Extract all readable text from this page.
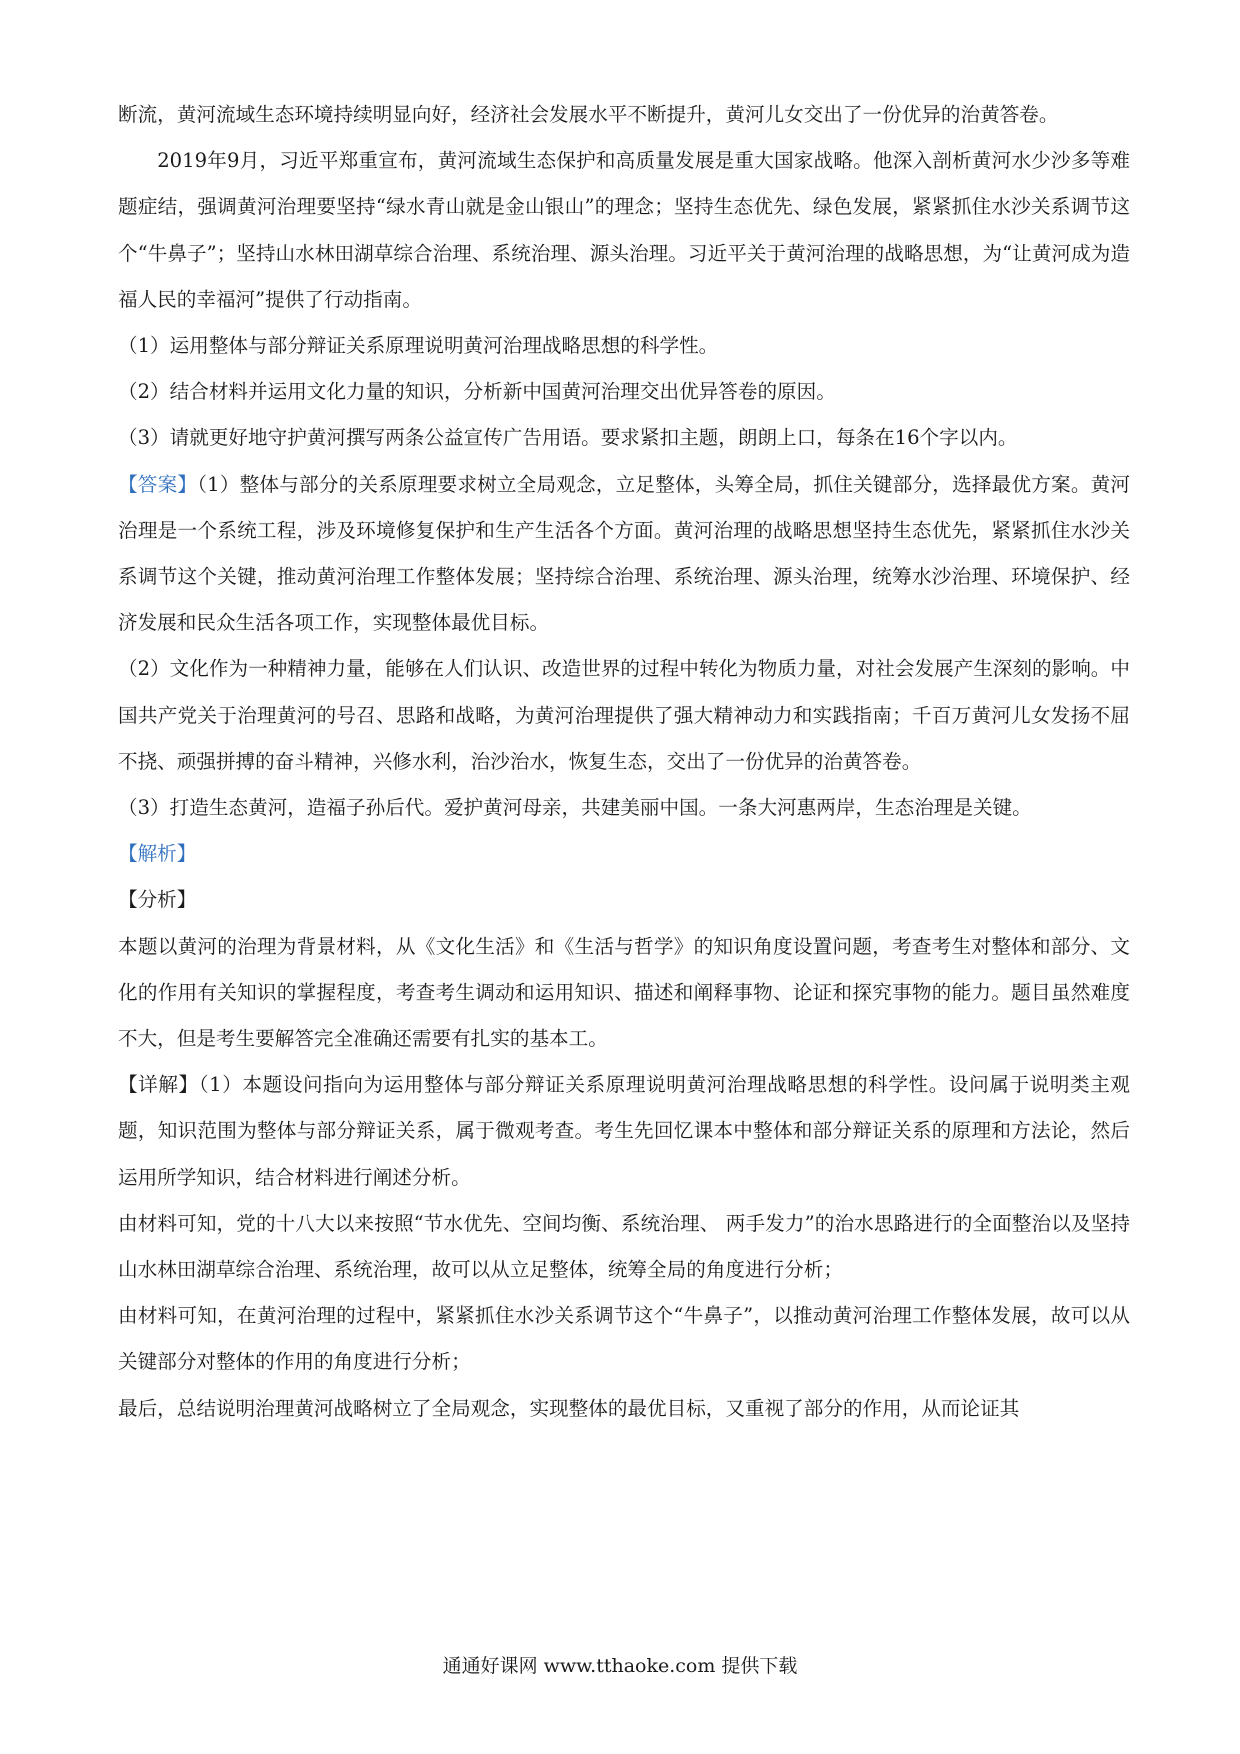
断流，黄河流域生态环境持续明显向好，经济社会发展水平不断提升，黄河儿女交出了一份优异的治黄答卷。

2019年9月，习近平郑重宣布，黄河流域生态保护和高质量发展是重大国家战略。他深入剖析黄河水少沙多等难题症结，强调黄河治理要坚持“绿水青山就是金山银山”的理念；坚持生态优先、绿色发展，紧紧抓住水沙关系调节这个“牛鼻子”；坚持山水林田湖草综合治理、系统治理、源头治理。习近平关于黄河治理的战略思想，为“让黄河成为造福人民的幸福河”提供了行动指南。

（1）运用整体与部分辩证关系原理说明黄河治理战略思想的科学性。

（2）结合材料并运用文化力量的知识，分析新中国黄河治理交出优异答卷的原因。

（3）请就更好地守护黄河撰写两条公益宣传广告用语。要求紧扣主题，朗朗上口，每条在16个字以内。

【答案】（1）整体与部分的关系原理要求树立全局观念，立足整体，头筹全局，抓住关键部分，选择最优方案。黄河治理是一个系统工程，涉及环境修复保护和生产生活各个方面。黄河治理的战略思想坚持生态优先，紧紧抓住水沙关系调节这个关键，推动黄河治理工作整体发展；坚持综合治理、系统治理、源头治理，统筹水沙治理、环境保护、经济发展和民众生活各项工作，实现整体最优目标。

（2）文化作为一种精神力量，能够在人们认识、改造世界的过程中转化为物质力量，对社会发展产生深刻的影响。中国共产党关于治理黄河的号召、思路和战略，为黄河治理提供了强大精神动力和实践指南；千百万黄河儿女发扬不屈不挠、顽强拼搏的奋斗精神，兴修水利，治沙治水，恢复生态，交出了一份优异的治黄答卷。

（3）打造生态黄河，造福子孙后代。爱护黄河母亲，共建美丽中国。一条大河惠两岸，生态治理是关键。

【解析】

【分析】

本题以黄河的治理为背景材料，从《文化生活》和《生活与哲学》的知识角度设置问题，考查考生对整体和部分、文化的作用有关知识的掌握程度，考查考生调动和运用知识、描述和阐释事物、论证和探究事物的能力。题目虽然难度不大，但是考生要解答完全准确还需要有扎实的基本工。

【详解】（1）本题设问指向为运用整体与部分辩证关系原理说明黄河治理战略思想的科学性。设问属于说明类主观题，知识范围为整体与部分辩证关系，属于微观考查。考生先回忆课本中整体和部分辩证关系的原理和方法论，然后运用所学知识，结合材料进行阐述分析。

由材料可知，党的十八大以来按照“节水优先、空间均衡、系统治理、 两手发力”的治水思路进行的全面整治以及坚持山水林田湖草综合治理、系统治理，故可以从立足整体，统筹全局的角度进行分析；

由材料可知，在黄河治理的过程中，紧紧抓住水沙关系调节这个“牛鼻子”，以推动黄河治理工作整体发展，故可以从关键部分对整体的作用的角度进行分析；

最后，总结说明治理黄河战略树立了全局观念，实现整体的最优目标，又重视了部分的作用，从而论证其

通通好课网 www.tthaoke.com 提供下载
